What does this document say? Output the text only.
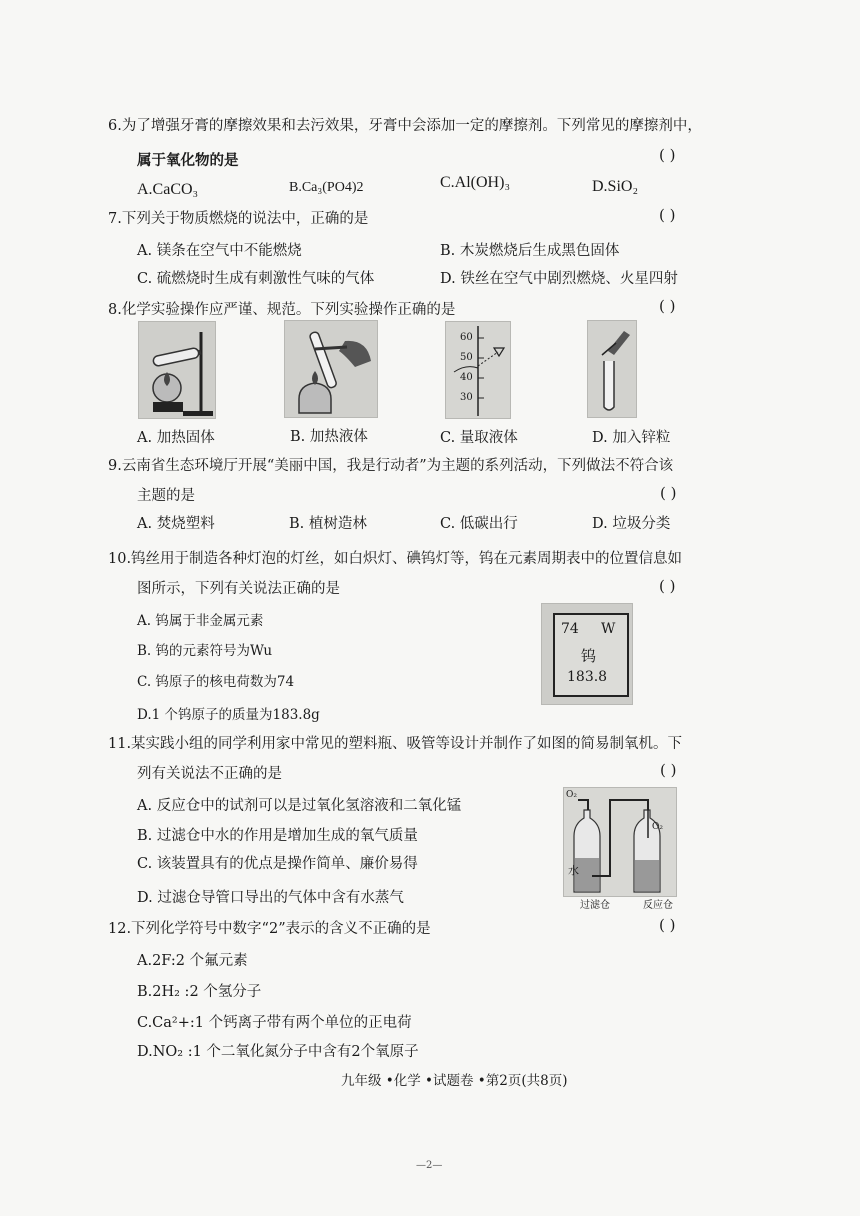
6.为了增强牙膏的摩擦效果和去污效果，牙膏中会添加一定的摩擦剂。下列常见的摩擦剂中，
属于氧化物的是	( )
A.CaCO₃	B.Ca₃(PO4)2	C.Al(OH)₃	D.SiO₂
7.下列关于物质燃烧的说法中，正确的是	( )
A. 镁条在空气中不能燃烧	B. 木炭燃烧后生成黑色固体
C. 硫燃烧时生成有刺激性气味的气体	D. 铁丝在空气中剧烈燃烧、火星四射
8.化学实验操作应严谨、规范。下列实验操作正确的是	( )
60
50
40
30
A. 加热固体	B. 加热液体	C. 量取液体	D. 加入锌粒
9.云南省生态环境厅开展“美丽中国，我是行动者”为主题的系列活动，下列做法不符合该
主题的是	( )
A. 焚烧塑料	B. 植树造林	C. 低碳出行	D. 垃圾分类
10.钨丝用于制造各种灯泡的灯丝，如白炽灯、碘钨灯等，钨在元素周期表中的位置信息如
图所示，下列有关说法正确的是	( )
A. 钨属于非金属元素
B. 钨的元素符号为Wu
C. 钨原子的核电荷数为74
D.1 个钨原子的质量为183.8g
74 W
钨
183.8
11.某实践小组的同学利用家中常见的塑料瓶、吸管等设计并制作了如图的简易制氧机。下
列有关说法不正确的是	( )
A. 反应仓中的试剂可以是过氧化氢溶液和二氧化锰
B. 过滤仓中水的作用是增加生成的氧气质量
C. 该装置具有的优点是操作简单、廉价易得
D. 过滤仓导管口导出的气体中含有水蒸气
O₂
O₂
水
过滤仓	反应仓
12.下列化学符号中数字“2”表示的含义不正确的是	( )
A.2F:2 个氟元素
B.2H₂ :2 个氢分子
C.Ca²+:1 个钙离子带有两个单位的正电荷
D.NO₂ :1 个二氧化氮分子中含有2个氧原子
九年级 •化学 •试题卷 •第2页(共8页)
—2—
